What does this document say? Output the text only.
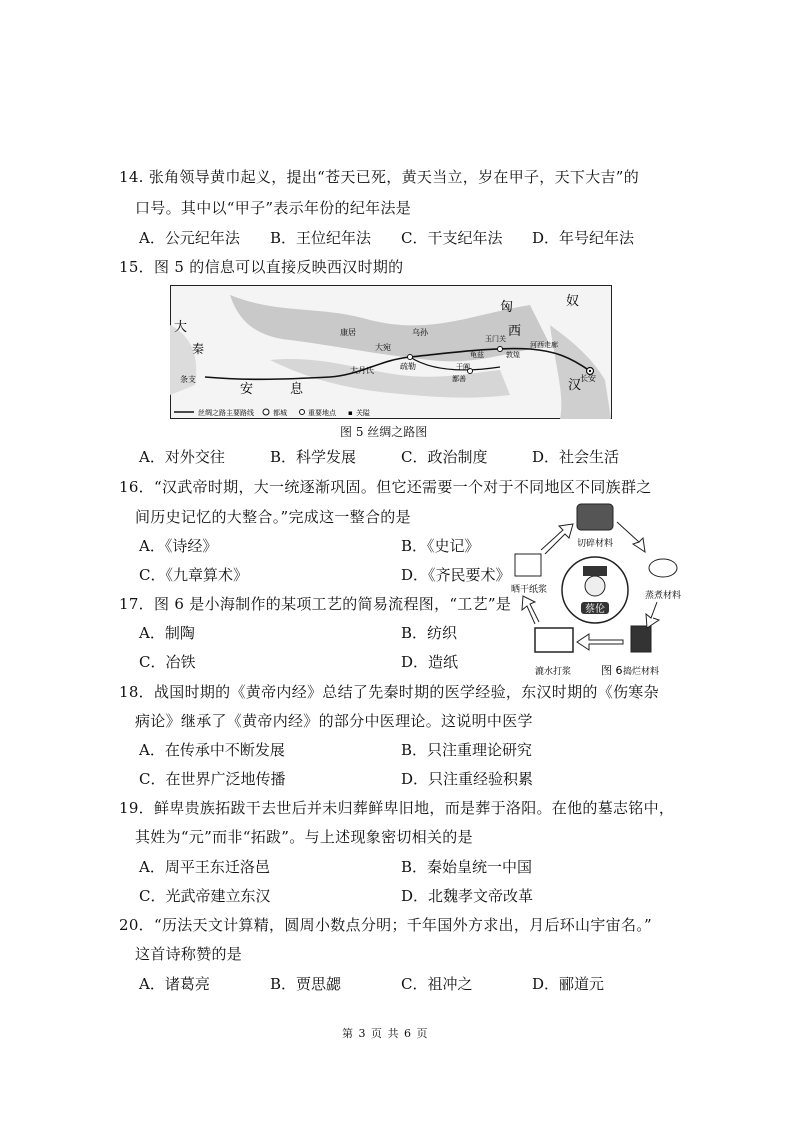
14. 张角领导黄巾起义，提出“苍天已死，黄天当立，岁在甲子，天下大吉”的
口号。其中以“甲子”表示年份的纪年法是
A．公元纪年法 B．王位纪年法 C．干支纪年法 D．年号纪年法
15．图 5 的信息可以直接反映西汉时期的
大
秦
条支
安	息
匈	奴
西
汉
康居
大宛
乌孙
大月氏	疏勒
龟兹
鄯善
玉门关
敦煌
河西走廊
长安
于阗
丝绸之路主要路线	都城	重要地点 ▪ 关隘
图 5 丝绸之路图
A．对外交往	B．科学发展	C．政治制度	D．社会生活
16．“汉武帝时期，大一统逐渐巩固。但它还需要一个对于不同地区不同族群之
间历史记忆的大整合。”完成这一整合的是
A．《诗经》	B．《史记》
C．《九章算术》	D．《齐民要术》
17．图 6 是小海制作的某项工艺的简易流程图，“工艺”是
A．制陶	B．纺织
C．冶铁	D．造纸
蔡伦
切碎材料
蒸煮材料
捣烂材料
漉水打浆
晒干纸浆
图 6
18．战国时期的《黄帝内经》总结了先秦时期的医学经验，东汉时期的《伤寒杂
病论》继承了《黄帝内经》的部分中医理论。这说明中医学
A．在传承中不断发展	B．只注重理论研究
C．在世界广泛地传播	D．只注重经验积累
19．鲜卑贵族拓跋干去世后并未归葬鲜卑旧地，而是葬于洛阳。在他的墓志铭中，
其姓为“元”而非“拓跋”。与上述现象密切相关的是
A．周平王东迁洛邑	B．秦始皇统一中国
C．光武帝建立东汉	D．北魏孝文帝改革
20．“历法天文计算精，圆周小数点分明；千年国外方求出，月后环山宇宙名。”
这首诗称赞的是
A．诸葛亮	B．贾思勰	C．祖冲之	D．郦道元
第 3 页 共 6 页
